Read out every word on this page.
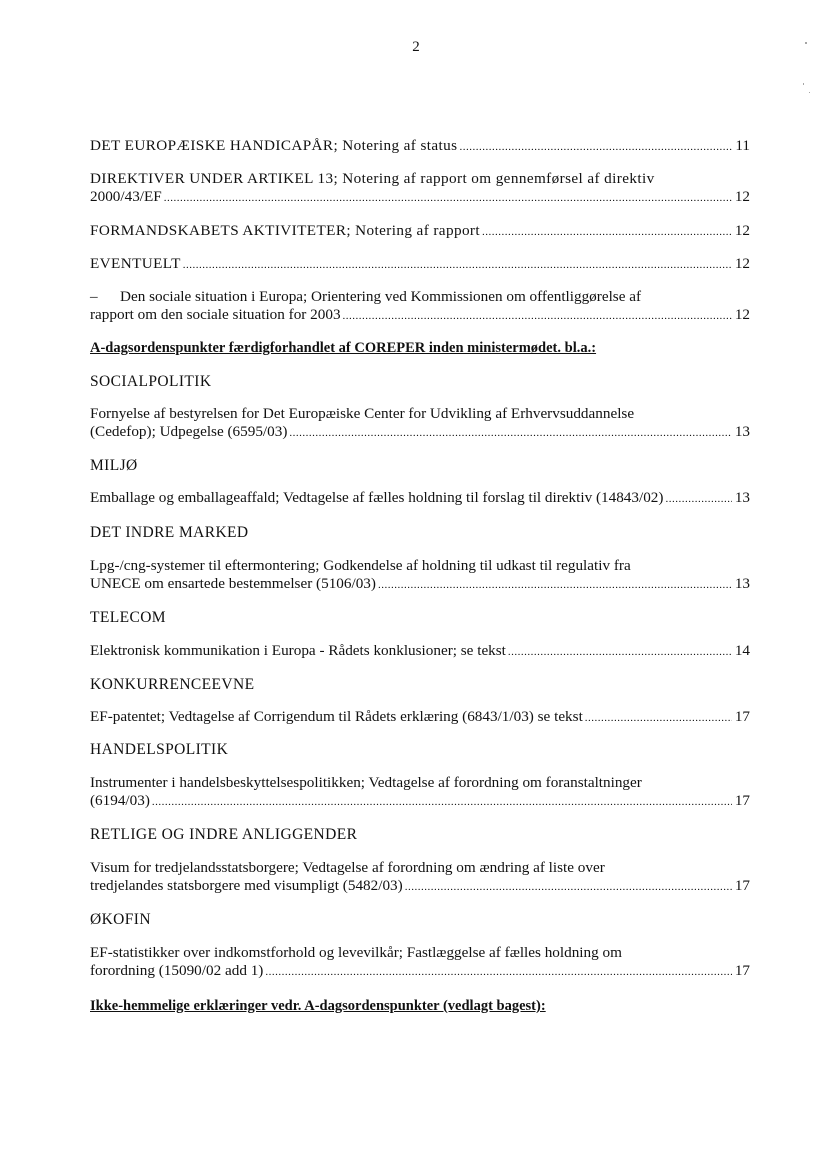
2
DET EUROPÆISKE HANDICAPÅR; Notering af status .....	11
DIREKTIVER UNDER ARTIKEL 13; Notering af rapport om gennemførsel af direktiv
2000/43/EF .....	12
FORMANDSKABETS AKTIVITETER; Notering af rapport .....	12
EVENTUELT .....	12
– Den sociale situation i Europa; Orientering ved Kommissionen om offentliggørelse af
rapport om den sociale situation for 2003 .....	12
A-dagsordenspunkter færdigforhandlet af COREPER inden ministermødet. bl.a.:
SOCIALPOLITIK
Fornyelse af bestyrelsen for Det Europæiske Center for Udvikling af Erhvervsuddannelse
(Cedefop); Udpegelse (6595/03) .....	13
MILJØ
Emballage og emballageaffald; Vedtagelse af fælles holdning til forslag til direktiv (14843/02) .....	13
DET INDRE MARKED
Lpg-/cng-systemer til eftermontering; Godkendelse af holdning til udkast til regulativ fra
UNECE om ensartede bestemmelser (5106/03) .....	13
TELECOM
Elektronisk kommunikation i Europa - Rådets konklusioner; se tekst .....	14
KONKURRENCEEVNE
EF-patentet; Vedtagelse af Corrigendum til Rådets erklæring (6843/1/03) se tekst .....	17
HANDELSPOLITIK
Instrumenter i handelsbeskyttelsespolitikken; Vedtagelse af forordning om foranstaltninger
(6194/03) .....	17
RETLIGE OG INDRE ANLIGGENDER
Visum for tredjelandsstatsborgere; Vedtagelse af forordning om ændring af liste over
tredjelandes statsborgere med visumpligt (5482/03) .....	17
ØKOFIN
EF-statistikker over indkomstforhold og levevilkår; Fastlæggelse af fælles holdning om
forordning (15090/02 add 1) .....	17
Ikke-hemmelige erklæringer vedr. A-dagsordenspunkter (vedlagt bagest):
